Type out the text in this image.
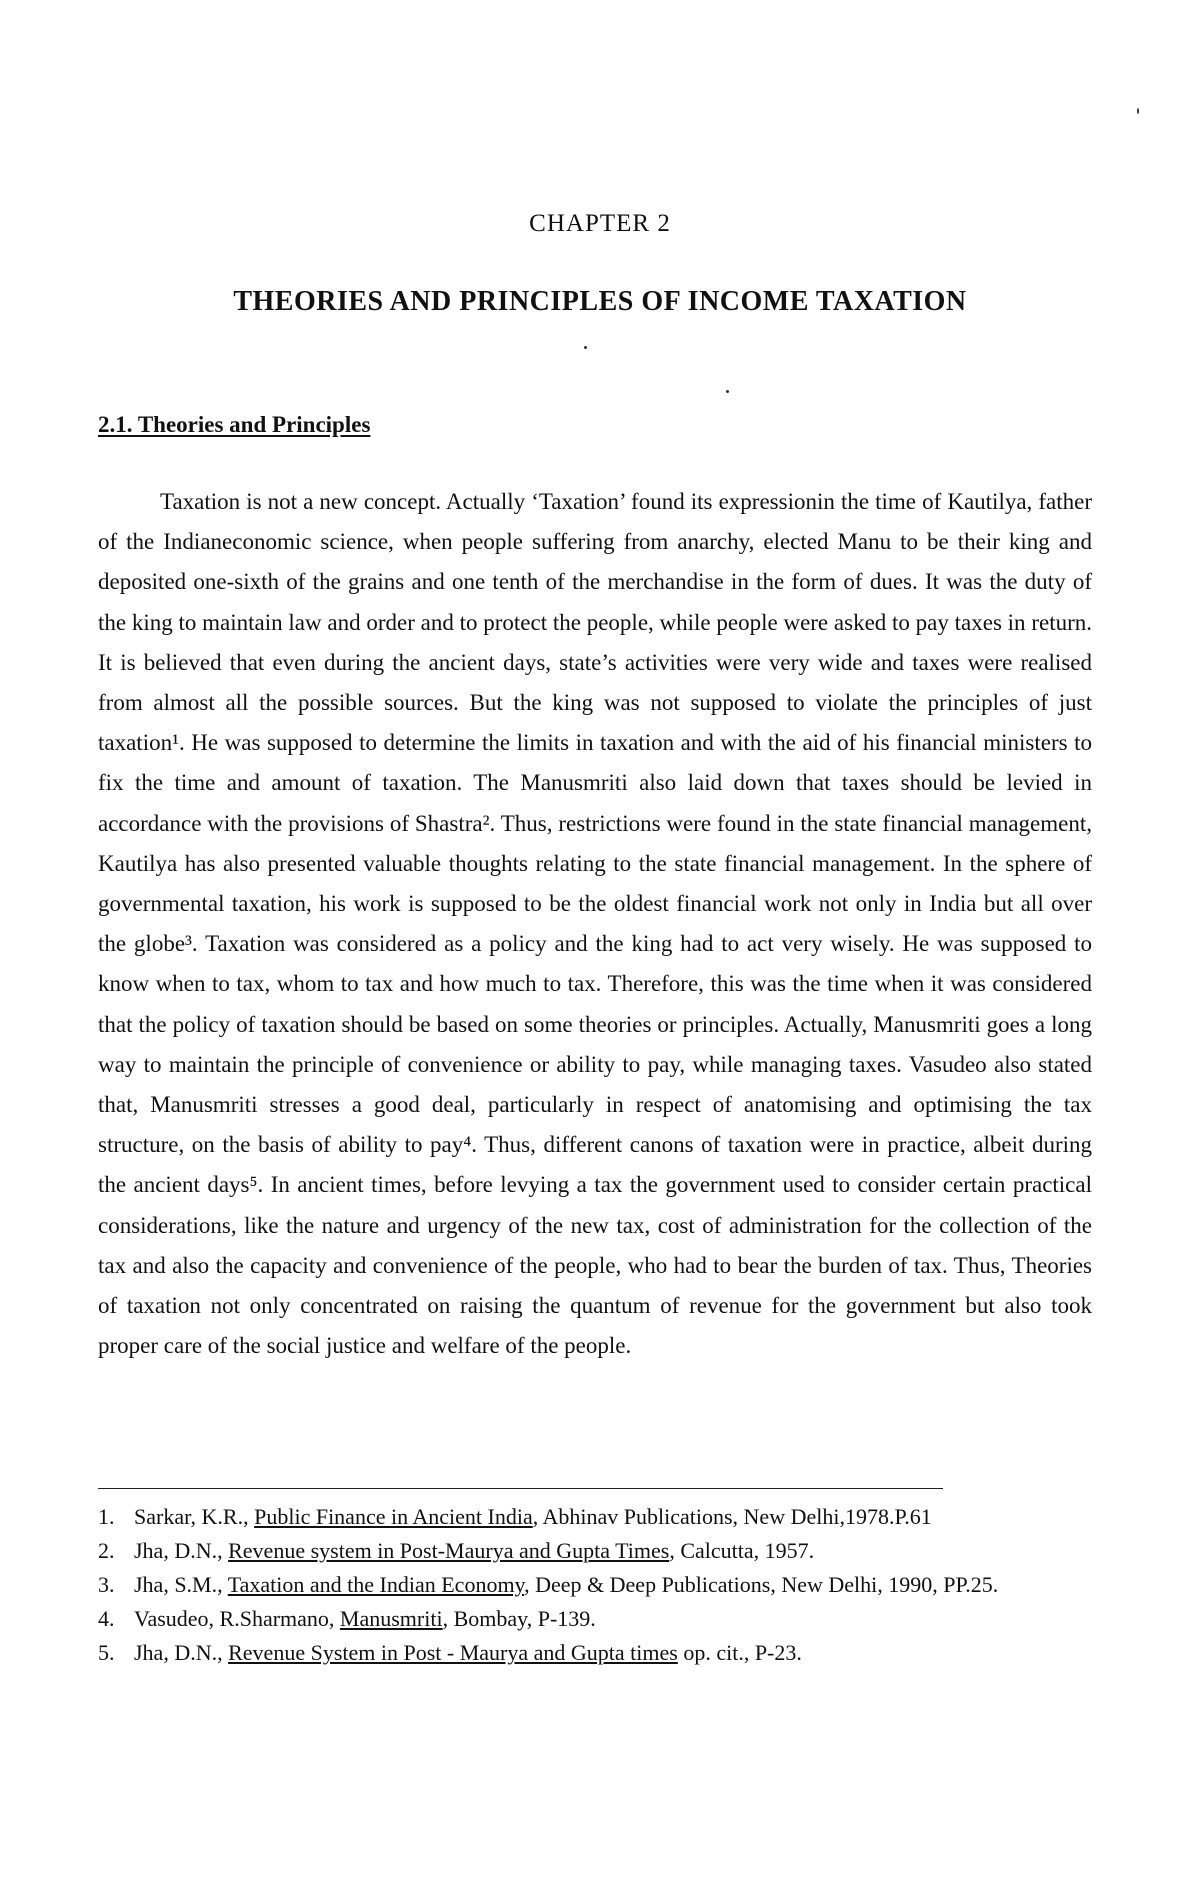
CHAPTER 2
THEORIES AND PRINCIPLES OF INCOME TAXATION
2.1. Theories and Principles

Taxation is not a new concept. Actually ‘Taxation’ found its expressionin the time of Kautilya, father of the Indianeconomic science, when people suffering from anarchy, elected Manu to be their king and deposited one-sixth of the grains and one tenth of the merchandise in the form of dues. It was the duty of the king to maintain law and order and to protect the people, while people were asked to pay taxes in return. It is believed that even during the ancient days, state’s activities were very wide and taxes were realised from almost all the possible sources. But the king was not supposed to violate the principles of just taxation¹. He was supposed to determine the limits in taxation and with the aid of his financial ministers to fix the time and amount of taxation. The Manusmriti also laid down that taxes should be levied in accordance with the provisions of Shastra². Thus, restrictions were found in the state financial management, Kautilya has also presented valuable thoughts relating to the state financial management. In the sphere of governmental taxation, his work is supposed to be the oldest financial work not only in India but all over the globe³. Taxation was considered as a policy and the king had to act very wisely. He was supposed to know when to tax, whom to tax and how much to tax. Therefore, this was the time when it was considered that the policy of taxation should be based on some theories or principles. Actually, Manusmriti goes a long way to maintain the principle of convenience or ability to pay, while managing taxes. Vasudeo also stated that, Manusmriti stresses a good deal, particularly in respect of anatomising and optimising the tax structure, on the basis of ability to pay⁴. Thus, different canons of taxation were in practice, albeit during the ancient days⁵. In ancient times, before levying a tax the government used to consider certain practical considerations, like the nature and urgency of the new tax, cost of administration for the collection of the tax and also the capacity and convenience of the people, who had to bear the burden of tax. Thus, Theories of taxation not only concentrated on raising the quantum of revenue for the government but also took proper care of the social justice and welfare of the people.

1. Sarkar, K.R., Public Finance in Ancient India, Abhinav Publications, New Delhi,1978.P.61
2. Jha, D.N., Revenue system in Post-Maurya and Gupta Times, Calcutta, 1957.
3. Jha, S.M., Taxation and the Indian Economy, Deep & Deep Publications, New Delhi, 1990, PP.25.
4. Vasudeo, R.Sharmano, Manusmriti, Bombay, P-139.
5. Jha, D.N., Revenue System in Post - Maurya and Gupta times op. cit., P-23.
